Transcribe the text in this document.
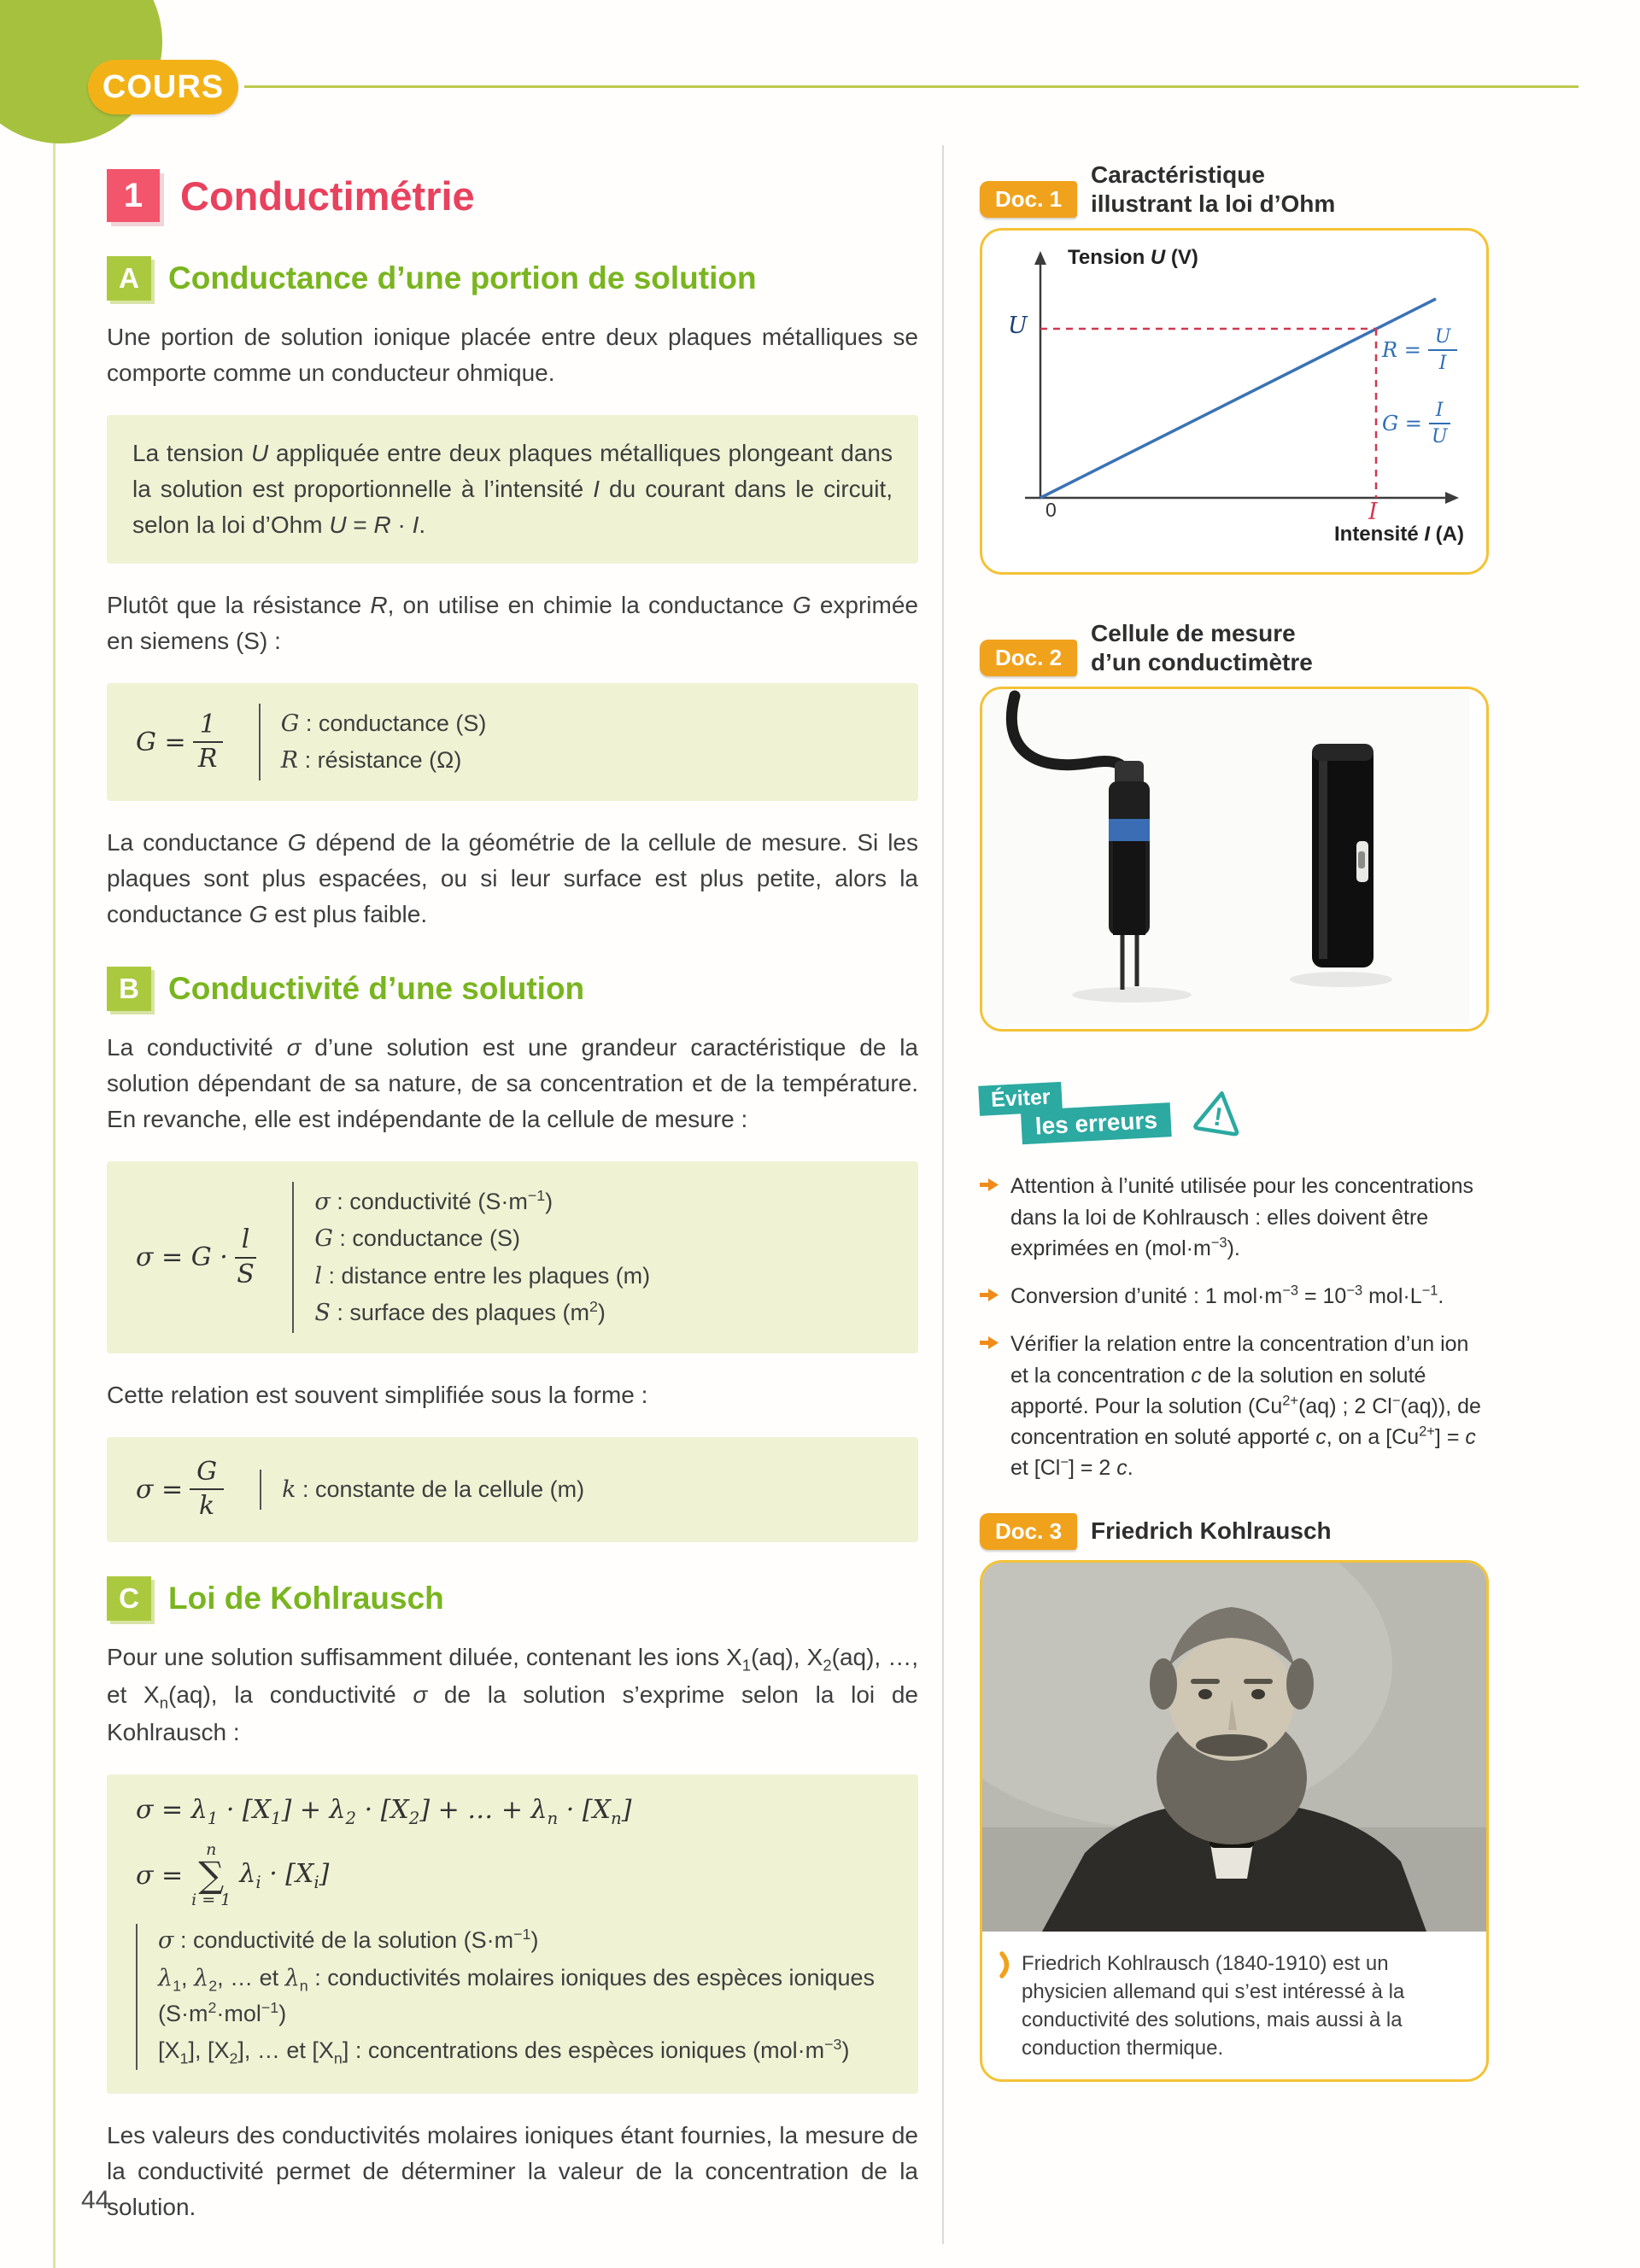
COURS
1 Conductimétrie
A Conductance d’une portion de solution

Une portion de solution ionique placée entre deux plaques métalliques se comporte comme un conducteur ohmique.

La tension U appliquée entre deux plaques métalliques plongeant dans la solution est proportionnelle à l’intensité I du courant dans le circuit, selon la loi d’Ohm U = R · I.

Plutôt que la résistance R, on utilise en chimie la conductance G exprimée en siemens (S) :

$G = \frac{1}{R}$	G : conductance (S)
R : résistance (Ω)

La conductance G dépend de la géométrie de la cellule de mesure. Si les plaques sont plus espacées, ou si leur surface est plus petite, alors la conductance G est plus faible.

B Conductivité d’une solution

La conductivité σ d’une solution est une grandeur caractéristique de la solution dépendant de sa nature, de sa concentration et de la température. En revanche, elle est indépendante de la cellule de mesure :

$\sigma = G \cdot \frac{l}{S}$
σ : conductivité $(S\cdot m^{-1})$
G : conductance (S)
l : distance entre les plaques (m)
S : surface des plaques $(m^2)$

Cette relation est souvent simplifiée sous la forme :

$\sigma = \frac{G}{k}$	k : constante de la cellule (m)
C Loi de Kohlrausch

Pour une solution suffisamment diluée, contenant les ions $X_1(aq)$, $X_2(aq)$, …, et $X_n(aq)$, la conductivité σ de la solution s’exprime selon la loi de Kohlrausch :

$\sigma = \lambda_1 \cdot [X_1] + \lambda_2 \cdot [X_2]$ + … + $\lambda_n \cdot [X_n]$
σ =
n
∑
i = 1
$\lambda_i \cdot [X_i]$
σ : conductivité de la solution $(S\cdot m^{-1})$
$\lambda_1$, $\lambda_2$, … et $\lambda_n$ : conductivités molaires ioniques des espèces ioniques $(S\cdot m^2\cdot mol^{-1})$
$[X_1]$, $[X_2]$, … et $[X_n]$ : concentrations des espèces ioniques $(mol\cdot m^{-3})$

Les valeurs des conductivités molaires ioniques étant fournies, la mesure de la conductivité permet de déterminer la valeur de la concentration de la solution.

Doc. 1
Caractéristique
illustrant la loi d’Ohm
Tension U (V)
U
0	I
Intensité I (A)
$R = \frac{U}{I}$
$G = \frac{I}{U}$
Doc. 2
Cellule de mesure
d’un conductimètre
Éviter
les erreurs	!
Attention à l’unité utilisée pour les concentrations dans la loi de Kohlrausch : elles doivent être exprimées en $(mol\cdot m^{-3})$.
Conversion d’unité : 1 $mol\cdot m^{-3} = 10^{-3}$ $mol\cdot L^{-1}$.
Vérifier la relation entre la concentration d’un ion et la concentration c de la solution en soluté apporté. Pour la solution ($Cu^{2+}(aq)$ ; 2 Cl−(aq)), de concentration en soluté apporté c, on a $[Cu^{2+}] = c$ et [Cl−] = 2 c.
Doc. 3	Friedrich Kohlrausch
Friedrich Kohlrausch (1840-1910) est un physicien allemand qui s’est intéressé à la conductivité des solutions, mais aussi à la conduction thermique.
44
